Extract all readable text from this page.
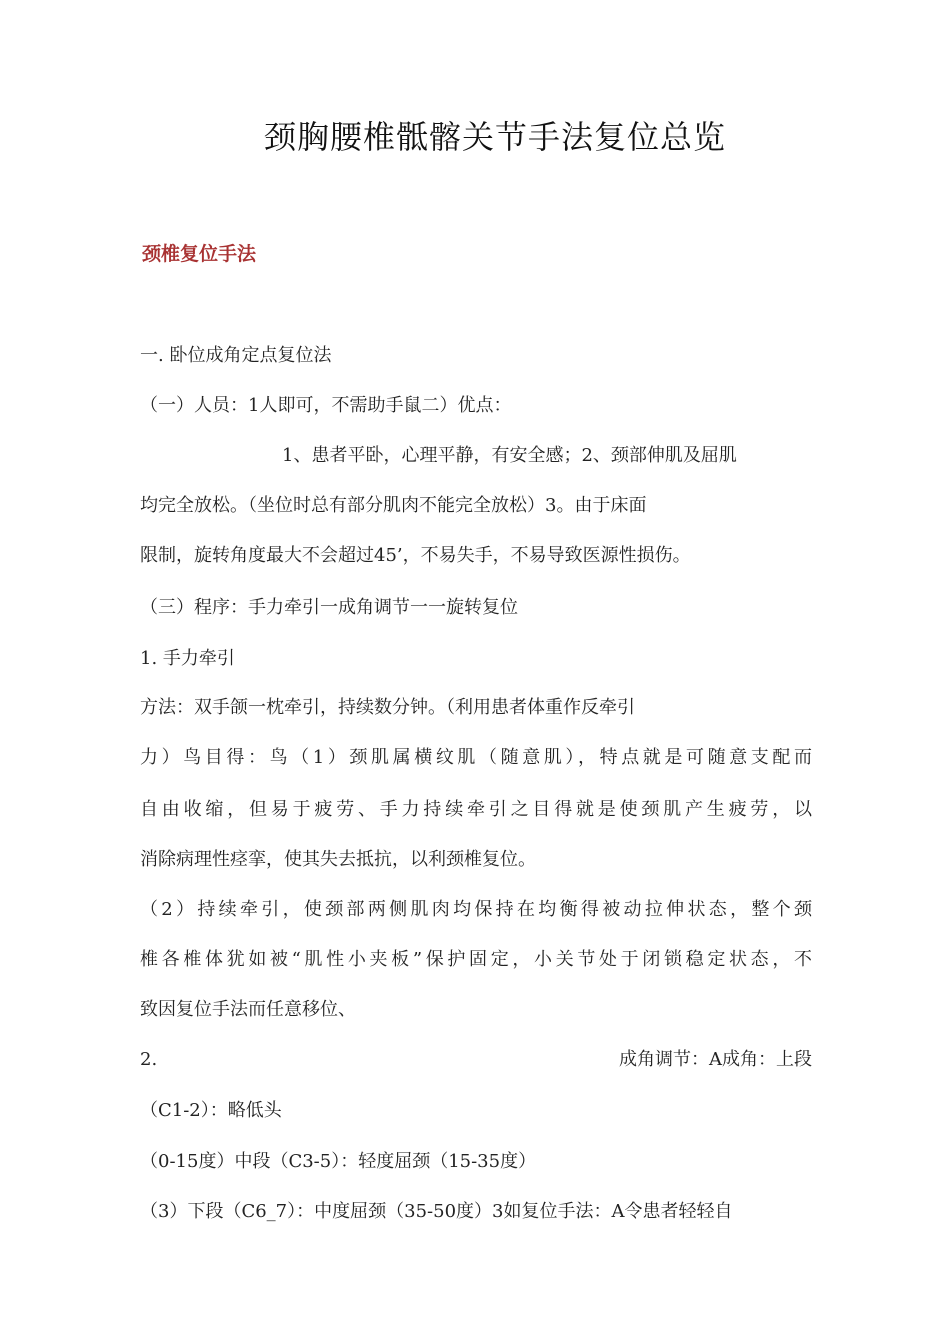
颈胸腰椎骶髂关节手法复位总览
颈椎复位手法
一. 卧位成角定点复位法
（一）人员：1人即可，不需助手鼠二）优点：
1、患者平卧，心理平静，有安全感；2、颈部伸肌及屈肌
均完全放松。（坐位时总有部分肌肉不能完全放松）3。由于床面
限制，旋转角度最大不会超过45’，不易失手，不易导致医源性损伤。
（三）程序：手力牵引一成角调节一一旋转复位
1. 手力牵引
方法：双手颌一枕牵引，持续数分钟。（利用患者体重作反牵引
力）鸟目得：鸟（1）颈肌属横纹肌（随意肌），特点就是可随意支配而
自由收缩，但易于疲劳、手力持续牵引之目得就是使颈肌产生疲劳，以
消除病理性痉挛，使其失去抵抗，以利颈椎复位。
（2）持续牵引，使颈部两侧肌肉均保持在均衡得被动拉伸状态，整个颈
椎各椎体犹如被“肌性小夹板”保护固定，小关节处于闭锁稳定状态，不
致因复位手法而任意移位、
2.	成角调节：A成角：上段
（C1-2）：略低头
（0-15度）中段（C3-5）：轻度屈颈（15-35度）
（3）下段（C6_7）：中度屈颈（35-50度）3如复位手法：A令患者轻轻自
